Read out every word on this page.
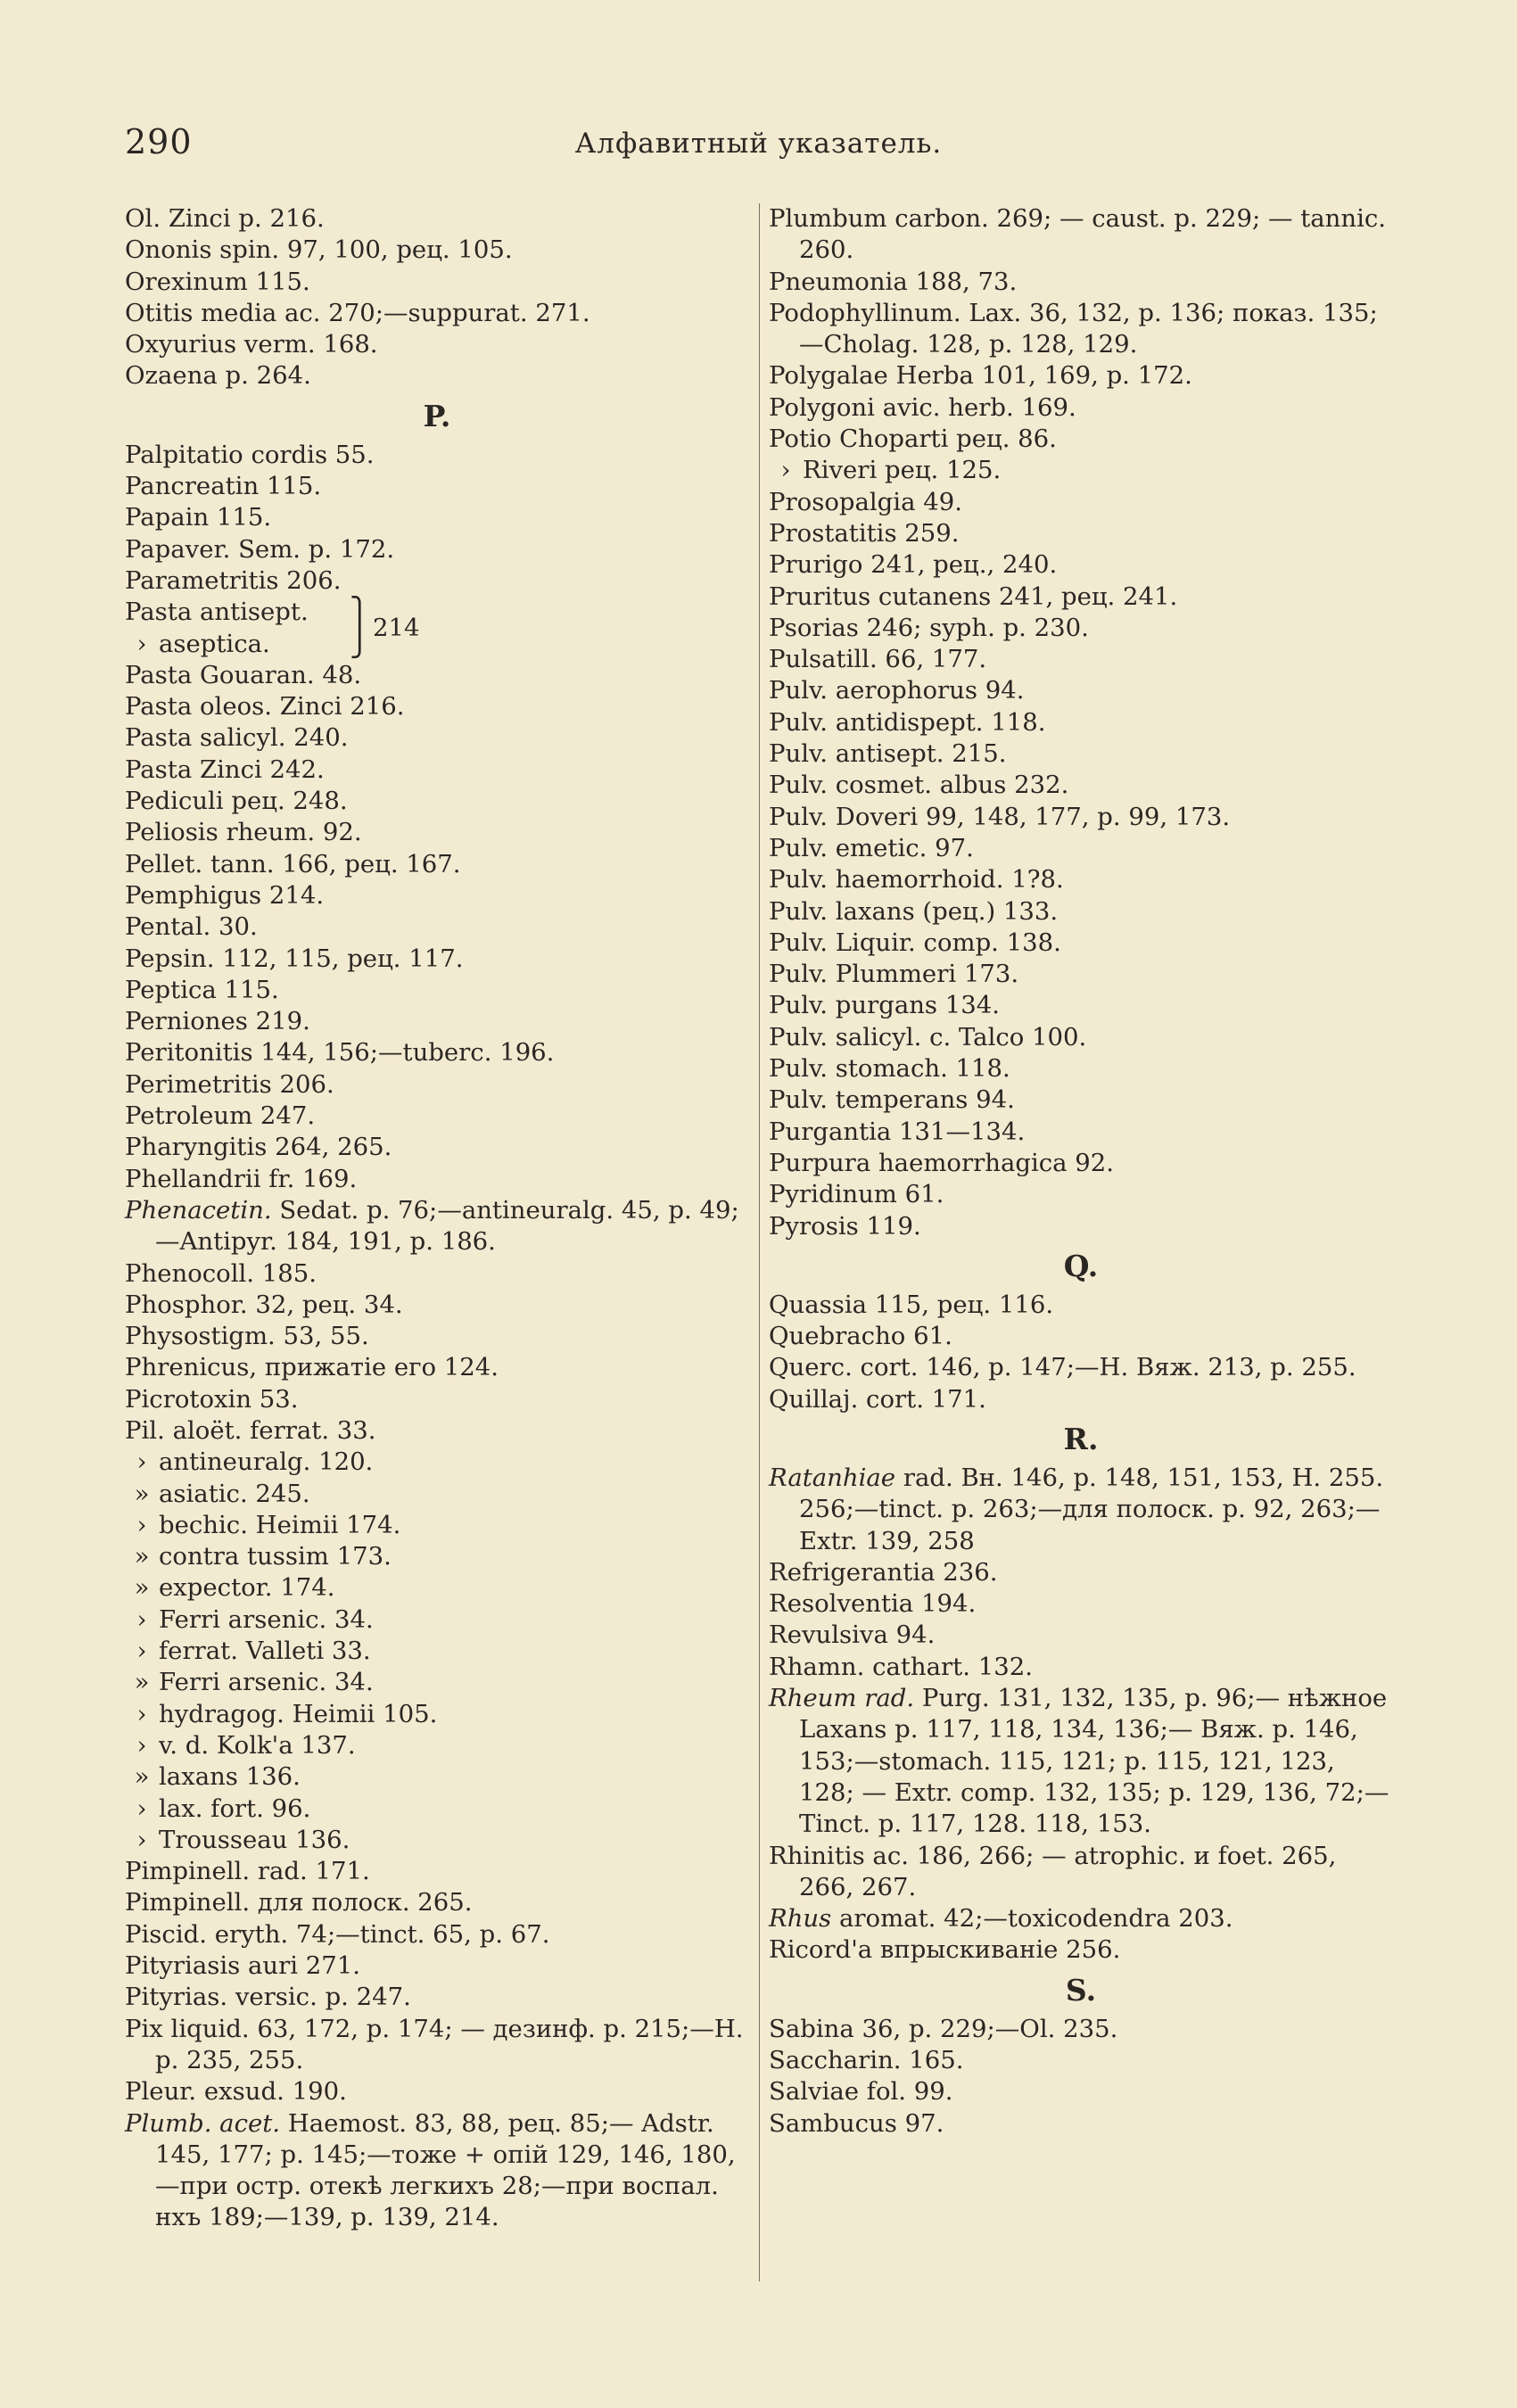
290	Алфавитный указатель.
Ol. Zinci p. 216.
Ononis spin. 97, 100, рец. 105.
Orexinum 115.
Otitis media ac. 270;—suppurat. 271.
Oxyurius verm. 168.
Ozaena p. 264.
P.
Palpitatio cordis 55.
Pancreatin 115.
Papain 115.
Papaver. Sem. p. 172.
Parametritis 206.
Pasta antisept.
› aseptica.
⎫
⎭ 214
Pasta Gouaran. 48.
Pasta oleos. Zinci 216.
Pasta salicyl. 240.
Pasta Zinci 242.
Pediculi рец. 248.
Peliosis rheum. 92.
Pellet. tann. 166, рец. 167.
Pemphigus 214.
Pental. 30.
Pepsin. 112, 115, рец. 117.
Peptica 115.
Perniones 219.
Peritonitis 144, 156;—tuberc. 196.
Perimetritis 206.
Petroleum 247.
Pharyngitis 264, 265.
Phellandrii fr. 169.
Phenacetin. Sedat. p. 76;—antineuralg. 45, p. 49;—Antipyr. 184, 191, p. 186.
Phenocoll. 185.
Phosphor. 32, рец. 34.
Physostigm. 53, 55.
Phrenicus, прижатіе его 124.
Picrotoxin 53.
Pil. aloët. ferrat. 33.
› antineuralg. 120.
» asiatic. 245.
› bechic. Heimii 174.
» contra tussim 173.
» expector. 174.
› Ferri arsenic. 34.
› ferrat. Valleti 33.
» Ferri arsenic. 34.
› hydragog. Heimii 105.
› v. d. Kolk'a 137.
» laxans 136.
› lax. fort. 96.
› Trousseau 136.
Pimpinell. rad. 171.
Pimpinell. для полоск. 265.
Piscid. eryth. 74;—tinct. 65, p. 67.
Pityriasis auri 271.
Pityrias. versic. p. 247.
Pix liquid. 63, 172, p. 174; — дезинф. p. 215;—H. p. 235, 255.
Pleur. exsud. 190.
Plumb. acet. Haemost. 83, 88, рец. 85;— Adstr. 145, 177; p. 145;—тоже + опій 129, 146, 180,—при остр. отекѣ легкихъ 28;—при воспал. нхъ 189;—139, p. 139, 214.
Plumbum carbon. 269; — caust. p. 229; — tannic. 260.
Pneumonia 188, 73.
Podophyllinum. Lax. 36, 132, p. 136; показ. 135;—Cholag. 128, p. 128, 129.
Polygalae Herba 101, 169, p. 172.
Polygoni avic. herb. 169.
Potio Choparti рец. 86.
› Riveri рец. 125.
Prosopalgia 49.
Prostatitis 259.
Prurigo 241, рец., 240.
Pruritus cutanens 241, рец. 241.
Psorias 246; syph. p. 230.
Pulsatill. 66, 177.
Pulv. aerophorus 94.
Pulv. antidispept. 118.
Pulv. antisept. 215.
Pulv. cosmet. albus 232.
Pulv. Doveri 99, 148, 177, p. 99, 173.
Pulv. emetic. 97.
Pulv. haemorrhoid. 1?8.
Pulv. laxans (рец.) 133.
Pulv. Liquir. comp. 138.
Pulv. Plummeri 173.
Pulv. purgans 134.
Pulv. salicyl. c. Talco 100.
Pulv. stomach. 118.
Pulv. temperans 94.
Purgantia 131—134.
Purpura haemorrhagica 92.
Pyridinum 61.
Pyrosis 119.
Q.
Quassia 115, рец. 116.
Quebracho 61.
Querc. cort. 146, p. 147;—H. Вяж. 213, p. 255.
Quillaj. cort. 171.
R.
Ratanhiae rad. Вн. 146, p. 148, 151, 153, H. 255. 256;—tinct. p. 263;—для полоск. p. 92, 263;—Extr. 139, 258
Refrigerantia 236.
Resolventia 194.
Revulsiva 94.
Rhamn. cathart. 132.
Rheum rad. Purg. 131, 132, 135, p. 96;— нѣжное Laxans p. 117, 118, 134, 136;— Вяж. p. 146, 153;—stomach. 115, 121; p. 115, 121, 123, 128; — Extr. comp. 132, 135; p. 129, 136, 72;—Tinct. p. 117, 128. 118, 153.
Rhinitis ac. 186, 266; — atrophic. и foet. 265, 266, 267.
Rhus aromat. 42;—toxicodendra 203.
Ricord'a впрыскиваніе 256.
S.
Sabina 36, p. 229;—Ol. 235.
Saccharin. 165.
Salviae fol. 99.
Sambucus 97.
